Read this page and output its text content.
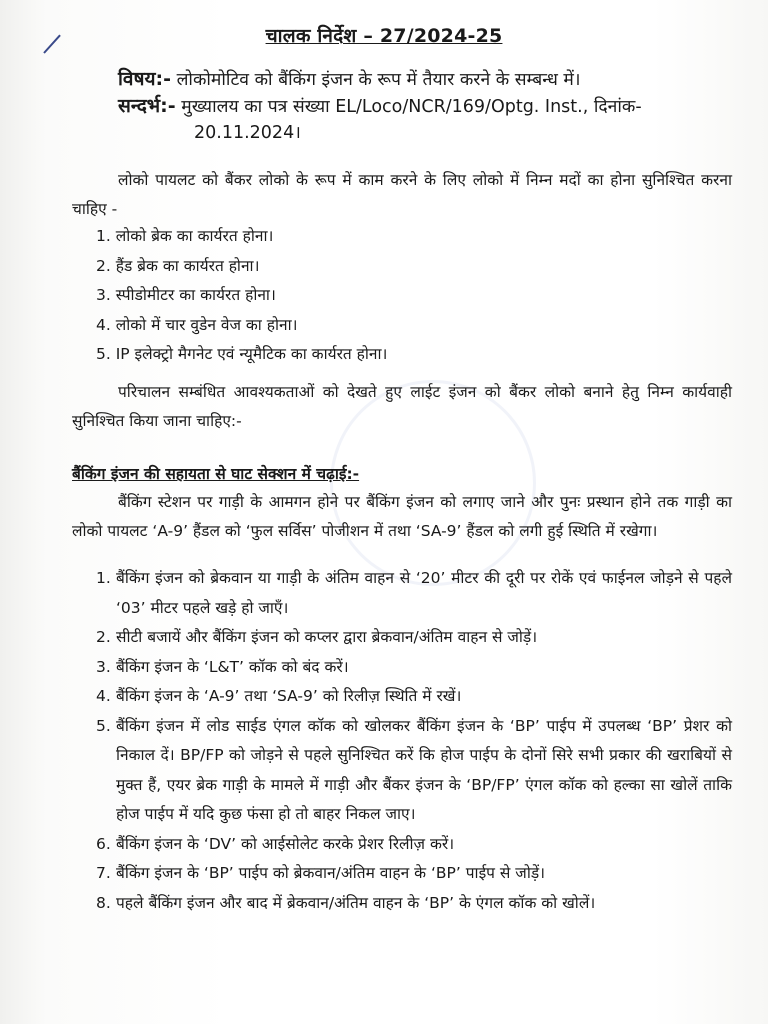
चालक निर्देश – 27/2024-25
विषय:- लोकोमोटिव को बैंकिंग इंजन के रूप में तैयार करने के सम्बन्ध में।
सन्दर्भ:- मुख्यालय का पत्र संख्या EL/Loco/NCR/169/Optg. Inst., दिनांक-
20.11.2024।
लोको पायलट को बैंकर लोको के रूप में काम करने के लिए लोको में निम्न मदों का होना सुनिश्चित करना चाहिए -
1. लोको ब्रेक का कार्यरत होना।
2. हैंड ब्रेक का कार्यरत होना।
3. स्पीडोमीटर का कार्यरत होना।
4. लोको में चार वुडेन वेज का होना।
5. IP इलेक्ट्रो मैगनेट एवं न्यूमैटिक का कार्यरत होना।
परिचालन सम्बंधित आवश्यकताओं को देखते हुए लाईट इंजन को बैंकर लोको बनाने हेतु निम्न कार्यवाही सुनिश्चित किया जाना चाहिए:-
बैंकिंग इंजन की सहायता से घाट सेक्शन में चढ़ाई:-
बैंकिंग स्टेशन पर गाड़ी के आमगन होने पर बैंकिंग इंजन को लगाए जाने और पुनः प्रस्थान होने तक गाड़ी का लोको पायलट ‘A-9’ हैंडल को ‘फुल सर्विस’ पोजीशन में तथा ‘SA-9’ हैंडल को लगी हुई स्थिति में रखेगा।
1. बैंकिंग इंजन को ब्रेकवान या गाड़ी के अंतिम वाहन से ‘20’ मीटर की दूरी पर रोकें एवं फाईनल जोड़ने से पहले ‘03’ मीटर पहले खड़े हो जाएँ।
2. सीटी बजायें और बैंकिंग इंजन को कप्लर द्वारा ब्रेकवान/अंतिम वाहन से जोड़ें।
3. बैंकिंग इंजन के ‘L&T’ कॉक को बंद करें।
4. बैंकिंग इंजन के ‘A-9’ तथा ‘SA-9’ को रिलीज़ स्थिति में रखें।
5. बैंकिंग इंजन में लोड साईड एंगल कॉक को खोलकर बैंकिंग इंजन के ‘BP’ पाईप में उपलब्ध ‘BP’ प्रेशर को निकाल दें। BP/FP को जोड़ने से पहले सुनिश्चित करें कि होज पाईप के दोनों सिरे सभी प्रकार की खराबियों से मुक्त हैं, एयर ब्रेक गाड़ी के मामले में गाड़ी और बैंकर इंजन के ‘BP/FP’ एंगल कॉक को हल्का सा खोलें ताकि होज पाईप में यदि कुछ फंसा हो तो बाहर निकल जाए।
6. बैंकिंग इंजन के ‘DV’ को आईसोलेट करके प्रेशर रिलीज़ करें।
7. बैंकिंग इंजन के ‘BP’ पाईप को ब्रेकवान/अंतिम वाहन के ‘BP’ पाईप से जोड़ें।
8. पहले बैंकिंग इंजन और बाद में ब्रेकवान/अंतिम वाहन के ‘BP’ के एंगल कॉक को खोलें।
